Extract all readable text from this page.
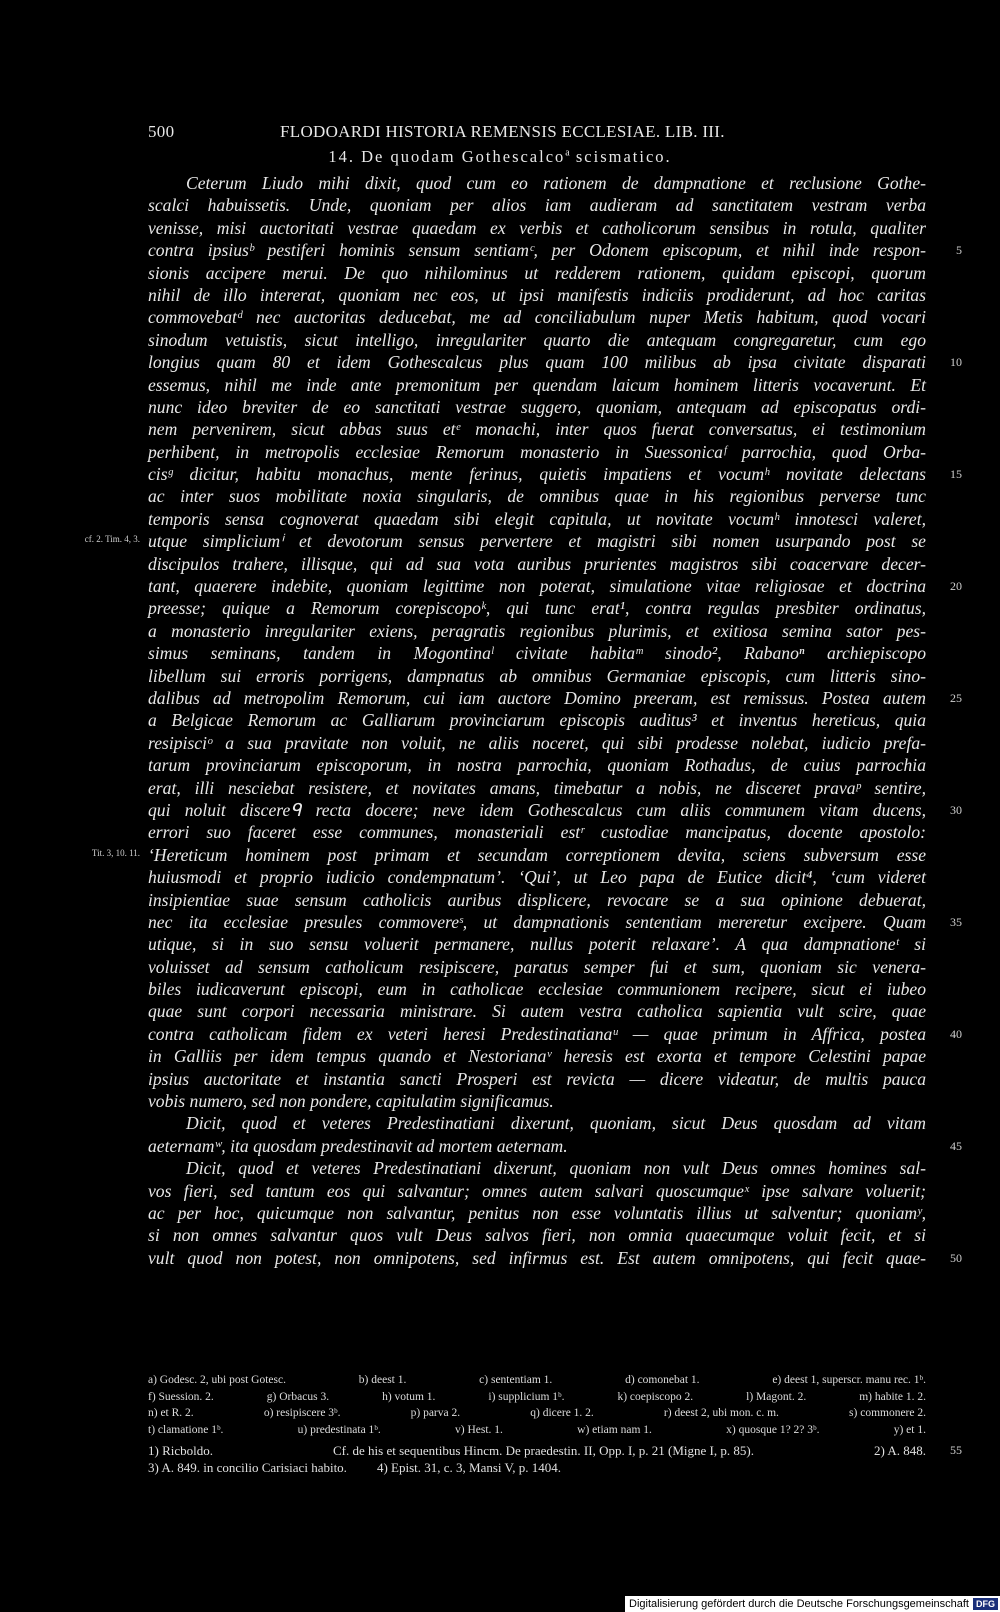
500	FLODOARDI HISTORIA REMENSIS ECCLESIAE. LIB. III.
14. De quodam Gothescalco$^a$ scismatico.
Ceterum Liudo mihi dixit, quod cum eo rationem de dampnatione et reclusione Gothe-
scalci habuissetis. Unde, quoniam per alios iam audieram ad sanctitatem vestram verba
venisse, misi auctoritati vestrae quaedam ex verbis et catholicorum sensibus in rotula, qualiter
contra ipsiusᵇ pestiferi hominis sensum sentiamᶜ, per Odonem episcopum, et nihil inde respon-	5
sionis accipere merui. De quo nihilominus ut redderem rationem, quidam episcopi, quorum
nihil de illo intererat, quoniam nec eos, ut ipsi manifestis indiciis prodiderunt, ad hoc caritas
commovebatᵈ nec auctoritas deducebat, me ad conciliabulum nuper Metis habitum, quod vocari
sinodum vetuistis, sicut intelligo, inregulariter quarto die antequam congregaretur, cum ego
longius quam 80 et idem Gothescalcus plus quam 100 milibus ab ipsa civitate disparati 10
essemus, nihil me inde ante premonitum per quendam laicum hominem litteris vocaverunt. Et
nunc ideo breviter de eo sanctitati vestrae suggero, quoniam, antequam ad episcopatus ordi-
nem pervenirem, sicut abbas suus etᵉ monachi, inter quos fuerat conversatus, ei testimonium
perhibent, in metropolis ecclesiae Remorum monasterio in Suessonicaᶠ parrochia, quod Orba-
cisᵍ dicitur, habitu monachus, mente ferinus, quietis impatiens et vocumʰ novitate delectans 15
ac inter suos mobilitate noxia singularis, de omnibus quae in his regionibus perverse tunc
temporis sensa cognoverat quaedam sibi elegit capitula, ut novitate vocumʰ innotesci valeret,
utque simpliciumⁱ et devotorum sensus pervertere et magistri sibi nomen usurpando post se
cf. 2. Tim. 4, 3.
discipulos trahere, illisque, qui ad sua vota auribus prurientes magistros sibi coacervare decer-
tant, quaerere indebite, quoniam legittime non poterat, simulatione vitae religiosae et doctrina 20
preesse; quique a Remorum corepiscopoᵏ, qui tunc erat¹, contra regulas presbiter ordinatus,
a monasterio inregulariter exiens, peragratis regionibus plurimis, et exitiosa semina sator pes-
simus seminans, tandem in Mogontinaˡ civitate habitaᵐ sinodo², Rabanoⁿ archiepiscopo
libellum sui erroris porrigens, dampnatus ab omnibus Germaniae episcopis, cum litteris sino-
dalibus ad metropolim Remorum, cui iam auctore Domino preeram, est remissus. Postea autem 25
a Belgicae Remorum ac Galliarum provinciarum episcopis auditus³ et inventus hereticus, quia
resipisciᵒ a sua pravitate non voluit, ne aliis noceret, qui sibi prodesse nolebat, iudicio prefa-
tarum provinciarum episcoporum, in nostra parrochia, quoniam Rothadus, de cuius parrochia
erat, illi nesciebat resistere, et novitates amans, timebatur a nobis, ne disceret pravaᵖ sentire,
qui noluit discereᑫ recta docere; neve idem Gothescalcus cum aliis communem vitam ducens, 30
errori suo faceret esse communes, monasteriali estʳ custodiae mancipatus, docente apostolo:
‘Hereticum hominem post primam et secundam correptionem devita, sciens subversum esse
Tit. 3, 10. 11.
huiusmodi et proprio iudicio condempnatum’. ‘Qui’, ut Leo papa de Eutice dicit⁴, ‘cum videret
insipientiae suae sensum catholicis auribus displicere, revocare se a sua opinione debuerat,
nec ita ecclesiae presules commovereˢ, ut dampnationis sententiam mereretur excipere. Quam 35
utique, si in suo sensu voluerit permanere, nullus poterit relaxare’. A qua dampnationeᵗ si
voluisset ad sensum catholicum resipiscere, paratus semper fui et sum, quoniam sic venera-
biles iudicaverunt episcopi, eum in catholicae ecclesiae communionem recipere, sicut ei iubeo
quae sunt corpori necessaria ministrare. Si autem vestra catholica sapientia vult scire, quae
contra catholicam fidem ex veteri heresi Predestinatianaᵘ — quae primum in Affrica, postea 40
in Galliis per idem tempus quando et Nestorianaᵛ heresis est exorta et tempore Celestini papae
ipsius auctoritate et instantia sancti Prosperi est revicta — dicere videatur, de multis pauca
vobis numero, sed non pondere, capitulatim significamus.
Dicit, quod et veteres Predestinatiani dixerunt, quoniam, sicut Deus quosdam ad vitam
aeternamʷ, ita quosdam predestinavit ad mortem aeternam.	45
Dicit, quod et veteres Predestinatiani dixerunt, quoniam non vult Deus omnes homines sal-
vos fieri, sed tantum eos qui salvantur; omnes autem salvari quoscumqueˣ ipse salvare voluerit;
ac per hoc, quicumque non salvantur, penitus non esse voluntatis illius ut salventur; quoniamʸ,
si non omnes salvantur quos vult Deus salvos fieri, non omnia quaecumque voluit fecit, et si
vult quod non potest, non omnipotens, sed infirmus est. Est autem omnipotens, qui fecit quae- 50
a) Godesc. 2, ubi post Gotesc.	b) deest 1.	c) sententiam 1.	d) comonebat 1.	e) deest 1, superscr. manu rec. 1ᵇ.
f) Suession. 2.	g) Orbacus 3.	h) votum 1.	i) supplicium 1ᵇ.	k) coepiscopo 2.	l) Magont. 2.	m) habite 1. 2.
n) et R. 2.	o) resipiscere 3ᵇ.	p) parva 2.	q) dicere 1. 2.	r) deest 2, ubi mon. c. m.	s) commonere 2.
t) clamatione 1ᵇ.	u) predestinata 1ᵇ.	v) Hest. 1.	w) etiam nam 1.	x) quosque 1? 2? 3ᵇ.	y) et 1.
1) Ricboldo.	Cf. de his et sequentibus Hincm. De praedestin. II, Opp. I, p. 21 (Migne I, p. 85).	2) A. 848. 55
3) A. 849. in concilio Carisiaci habito. 4) Epist. 31, c. 3, Mansi V, p. 1404.
Digitalisierung gefördert durch die Deutsche Forschungsgemeinschaft DFG
